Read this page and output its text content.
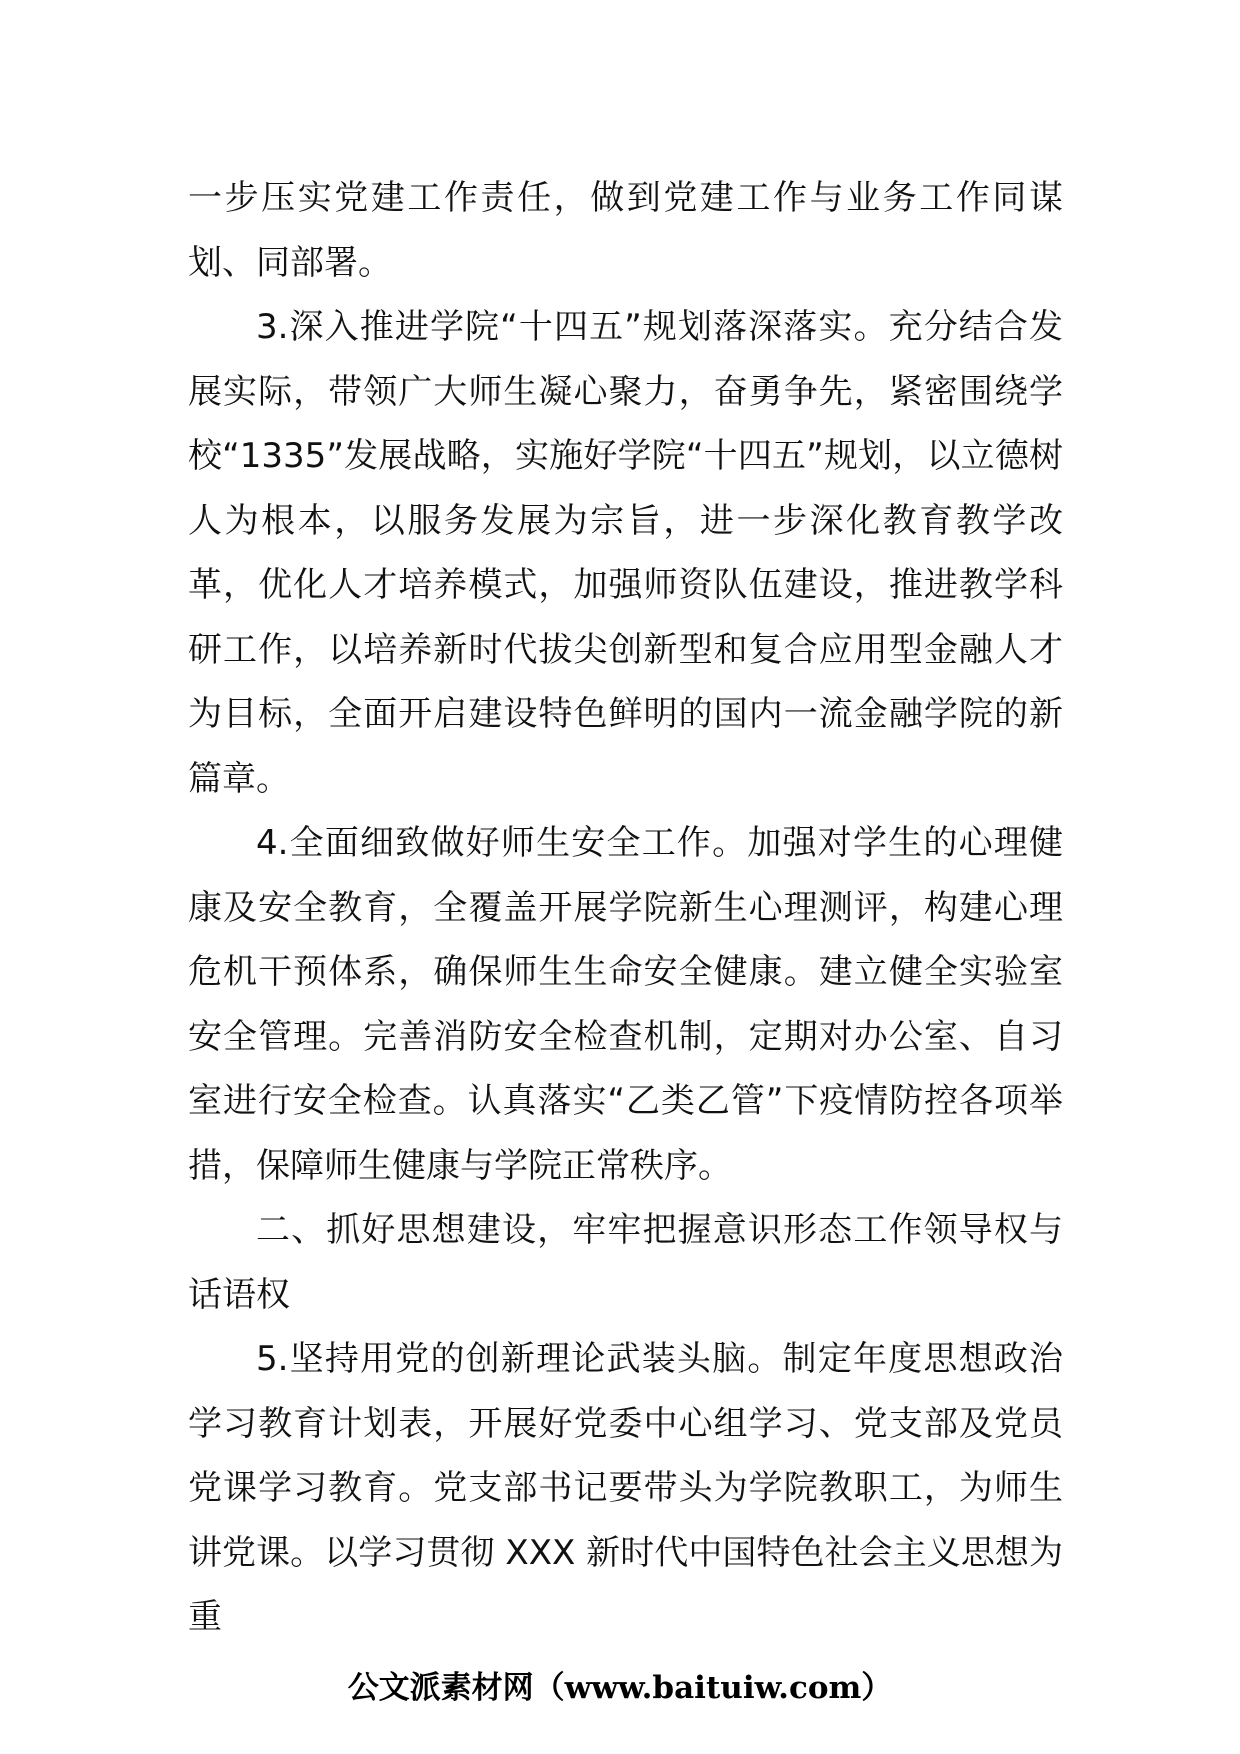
一步压实党建工作责任，做到党建工作与业务工作同谋划、同部署。

3.深入推进学院“十四五”规划落深落实。充分结合发展实际，带领广大师生凝心聚力，奋勇争先，紧密围绕学校“1335”发展战略，实施好学院“十四五”规划，以立德树人为根本，以服务发展为宗旨，进一步深化教育教学改革，优化人才培养模式，加强师资队伍建设，推进教学科研工作，以培养新时代拔尖创新型和复合应用型金融人才为目标，全面开启建设特色鲜明的国内一流金融学院的新篇章。

4.全面细致做好师生安全工作。加强对学生的心理健康及安全教育，全覆盖开展学院新生心理测评，构建心理危机干预体系，确保师生生命安全健康。建立健全实验室安全管理。完善消防安全检查机制，定期对办公室、自习室进行安全检查。认真落实“乙类乙管”下疫情防控各项举措，保障师生健康与学院正常秩序。

二、抓好思想建设，牢牢把握意识形态工作领导权与话语权

5.坚持用党的创新理论武装头脑。制定年度思想政治学习教育计划表，开展好党委中心组学习、党支部及党员党课学习教育。党支部书记要带头为学院教职工，为师生讲党课。以学习贯彻 XXX 新时代中国特色社会主义思想为重

公文派素材网（www.baituiw.com）
